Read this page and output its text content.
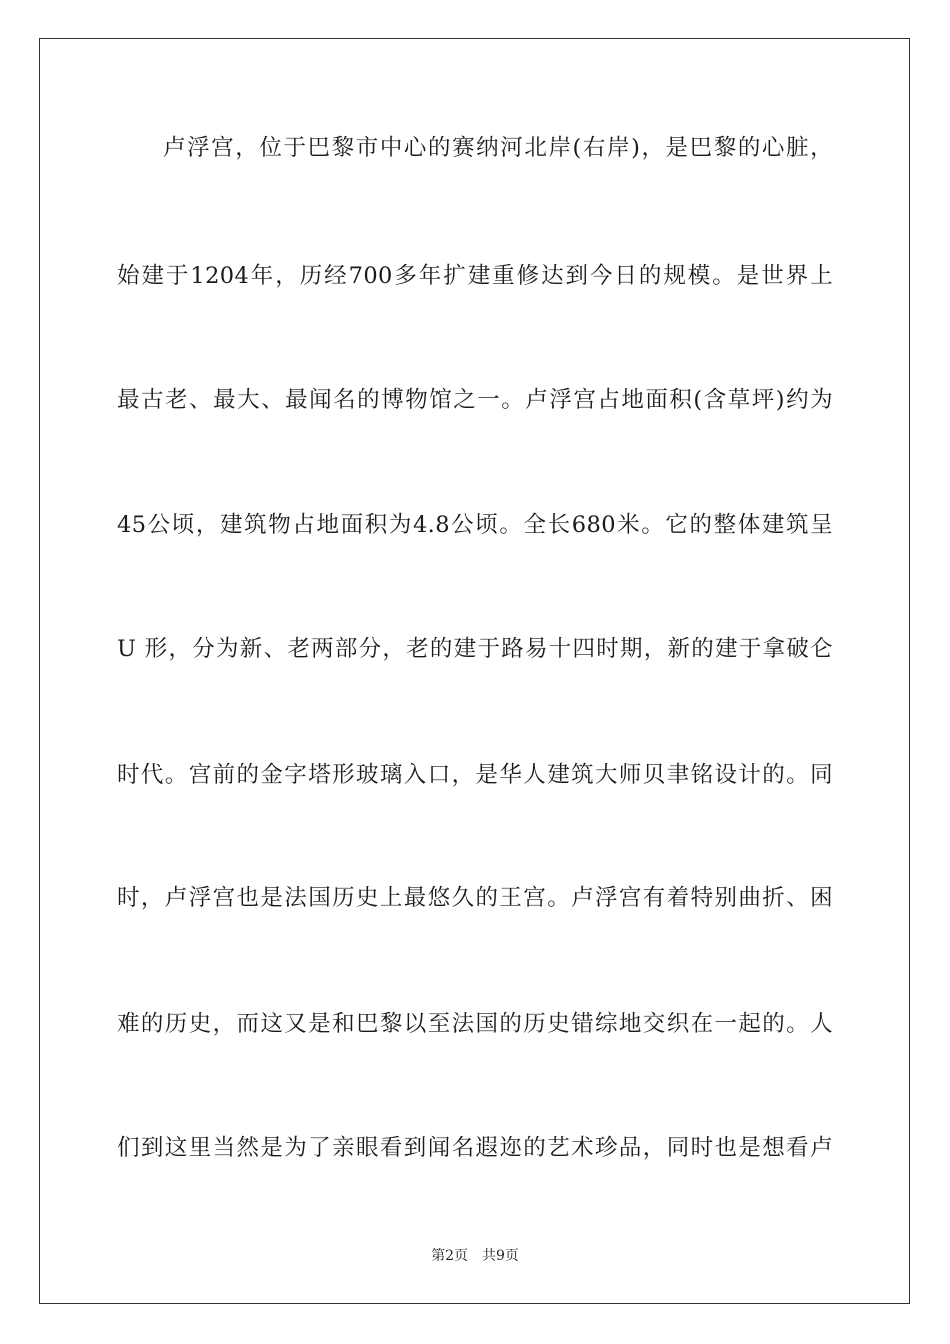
卢浮宫，位于巴黎市中心的赛纳河北岸(右岸)，是巴黎的心脏，
始建于1204年，历经700多年扩建重修达到今日的规模。是世界上
最古老、最大、最闻名的博物馆之一。卢浮宫占地面积(含草坪)约为
45公顷，建筑物占地面积为4.8公顷。全长680米。它的整体建筑呈
U 形，分为新、老两部分，老的建于路易十四时期，新的建于拿破仑
时代。宫前的金字塔形玻璃入口，是华人建筑大师贝聿铭设计的。同
时，卢浮宫也是法国历史上最悠久的王宫。卢浮宫有着特别曲折、困
难的历史，而这又是和巴黎以至法国的历史错综地交织在一起的。人
们到这里当然是为了亲眼看到闻名遐迩的艺术珍品，同时也是想看卢
第2页 共9页
